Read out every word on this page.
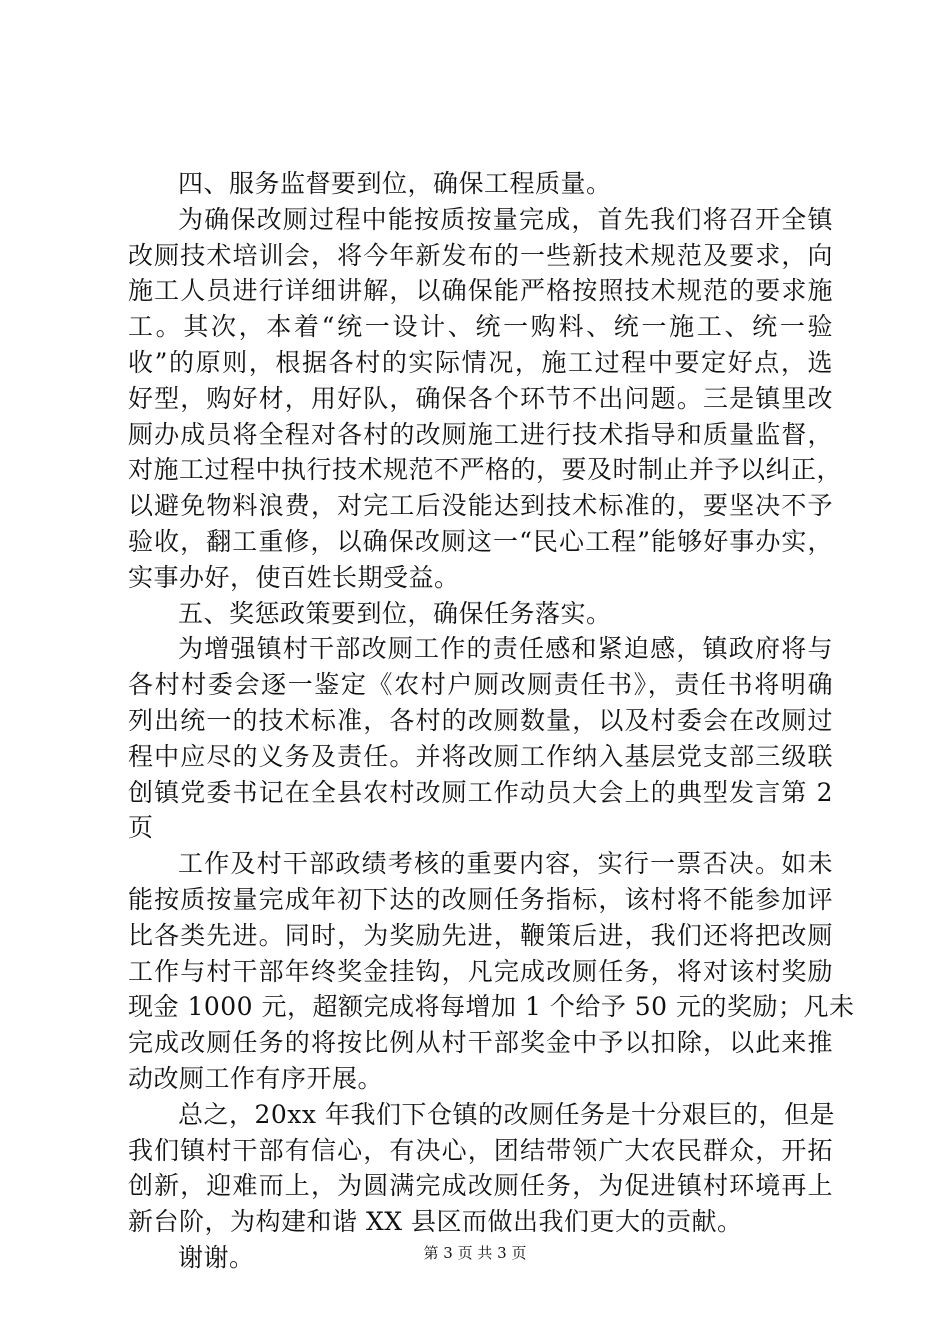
四、服务监督要到位，确保工程质量。
为确保改厕过程中能按质按量完成，首先我们将召开全镇
改厕技术培训会，将今年新发布的一些新技术规范及要求，向
施工人员进行详细讲解，以确保能严格按照技术规范的要求施
工。其次，本着“统一设计、统一购料、统一施工、统一验
收”的原则，根据各村的实际情况，施工过程中要定好点，选
好型，购好材，用好队，确保各个环节不出问题。三是镇里改
厕办成员将全程对各村的改厕施工进行技术指导和质量监督，
对施工过程中执行技术规范不严格的，要及时制止并予以纠正，
以避免物料浪费，对完工后没能达到技术标准的，要坚决不予
验收，翻工重修，以确保改厕这一“民心工程”能够好事办实，
实事办好，使百姓长期受益。
五、奖惩政策要到位，确保任务落实。
为增强镇村干部改厕工作的责任感和紧迫感，镇政府将与
各村村委会逐一鉴定《农村户厕改厕责任书》，责任书将明确
列出统一的技术标准，各村的改厕数量，以及村委会在改厕过
程中应尽的义务及责任。并将改厕工作纳入基层党支部三级联
创镇党委书记在全县农村改厕工作动员大会上的典型发言第 2
页
工作及村干部政绩考核的重要内容，实行一票否决。如未
能按质按量完成年初下达的改厕任务指标，该村将不能参加评
比各类先进。同时，为奖励先进，鞭策后进，我们还将把改厕
工作与村干部年终奖金挂钩，凡完成改厕任务，将对该村奖励
现金 1000 元，超额完成将每增加 1 个给予 50 元的奖励；凡未
完成改厕任务的将按比例从村干部奖金中予以扣除，以此来推
动改厕工作有序开展。
总之，20xx 年我们下仓镇的改厕任务是十分艰巨的，但是
我们镇村干部有信心，有决心，团结带领广大农民群众，开拓
创新，迎难而上，为圆满完成改厕任务，为促进镇村环境再上
新台阶，为构建和谐 XX 县区而做出我们更大的贡献。
谢谢。	第 3 页 共 3 页
